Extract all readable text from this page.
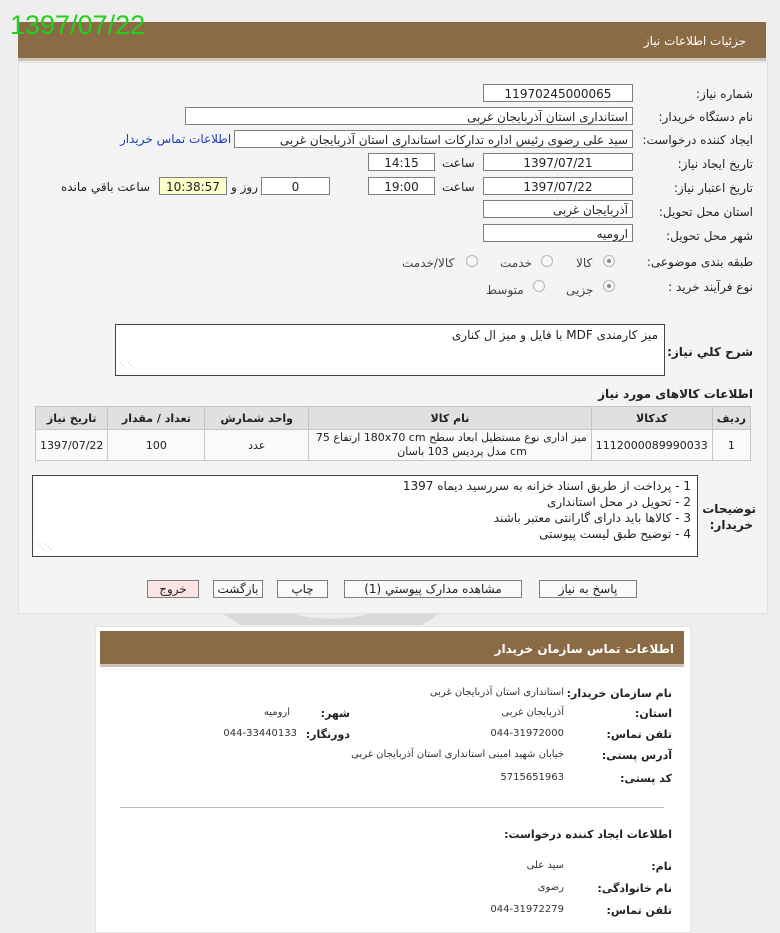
1397/07/22
جزئیات اطلاعات نیاز
شماره نیاز:
11970245000065
نام دستگاه خریدار:
استانداری استان آذربایجان غربی
ایجاد کننده درخواست:
سید علی رضوی رئیس اداره تدارکات استانداری استان آذربایجان غربی
اطلاعات تماس خریدار
تاریخ ایجاد نیاز:
1397/07/21
ساعت
14:15
تاریخ اعتبار نیاز:
1397/07/22
ساعت
19:00
0
روز و
10:38:57
ساعت باقي مانده
استان محل تحویل:
آذربایجان غربی
شهر محل تحویل:
ارومیه
طبقه بندی موضوعی:
کالا
خدمت
کالا/خدمت
نوع فرآیند خرید :
جزیی
متوسط
شرح کلي نياز:
میز کارمندی MDF با فایل و میز ال کناری
⋰⋰
اطلاعات کالاهای مورد نیاز
ردیف	کدکالا	نام کالا	واحد شمارش	تعداد / مقدار	تاریخ نیاز
1	1112000089990033	میز اداری نوع مستطیل ابعاد سطح 180x70 cm ارتفاع 75
cm مدل پردیس 103 باسان	عدد	100	1397/07/22
توضیحات
خریدار:
1 - پرداخت از طریق اسناد خزانه به سررسید دیماه 1397
2 - تحویل در محل استانداری
3 - کالاها باید دارای گارانتی معتبر باشند
4 - توضیح طبق لیست پیوستی
⋰⋰
پاسخ به نیاز
مشاهده مدارک پیوستي (1)
چاپ
بازگشت
خروج
اطلاعات تماس سازمان خریدار
نام سازمان خریدار:
استانداری استان آذربایجان غربی
استان:
آذربایجان غربی
شهر:
ارومیه
تلفن تماس:
044-31972000
دورنگار:
044-33440133
آدرس پستی:
خیابان شهید امینی استانداری استان آذربایجان غربی
کد پستی:
5715651963
اطلاعات ایجاد کننده درخواست:
نام:
سید علی
نام خانوادگی:
رضوی
تلفن تماس:
044-31972279
